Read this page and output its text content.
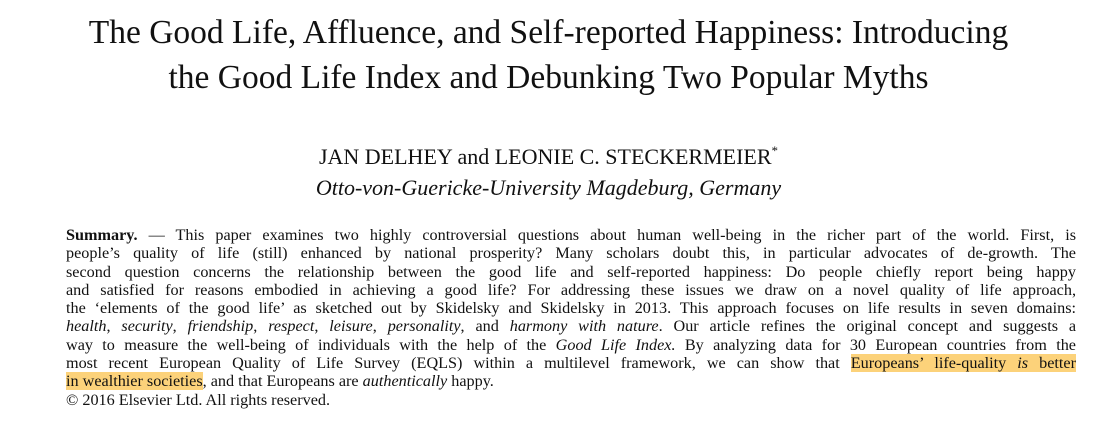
The Good Life, Affluence, and Self-reported Happiness: Introducing
the Good Life Index and Debunking Two Popular Myths
JAN DELHEY and LEONIE C. STECKERMEIER*
Otto-von-Guericke-University Magdeburg, Germany
Summary. — This paper examines two highly controversial questions about human well-being in the richer part of the world. First, is
people’s quality of life (still) enhanced by national prosperity? Many scholars doubt this, in particular advocates of de-growth. The
second question concerns the relationship between the good life and self-reported happiness: Do people chiefly report being happy
and satisfied for reasons embodied in achieving a good life? For addressing these issues we draw on a novel quality of life approach,
the ‘elements of the good life’ as sketched out by Skidelsky and Skidelsky in 2013. This approach focuses on life results in seven domains:
health, security, friendship, respect, leisure, personality, and harmony with nature. Our article refines the original concept and suggests a
way to measure the well-being of individuals with the help of the Good Life Index. By analyzing data for 30 European countries from the
most recent European Quality of Life Survey (EQLS) within a multilevel framework, we can show that Europeans’ life-quality is better
in wealthier societies, and that Europeans are authentically happy.
© 2016 Elsevier Ltd. All rights reserved.
